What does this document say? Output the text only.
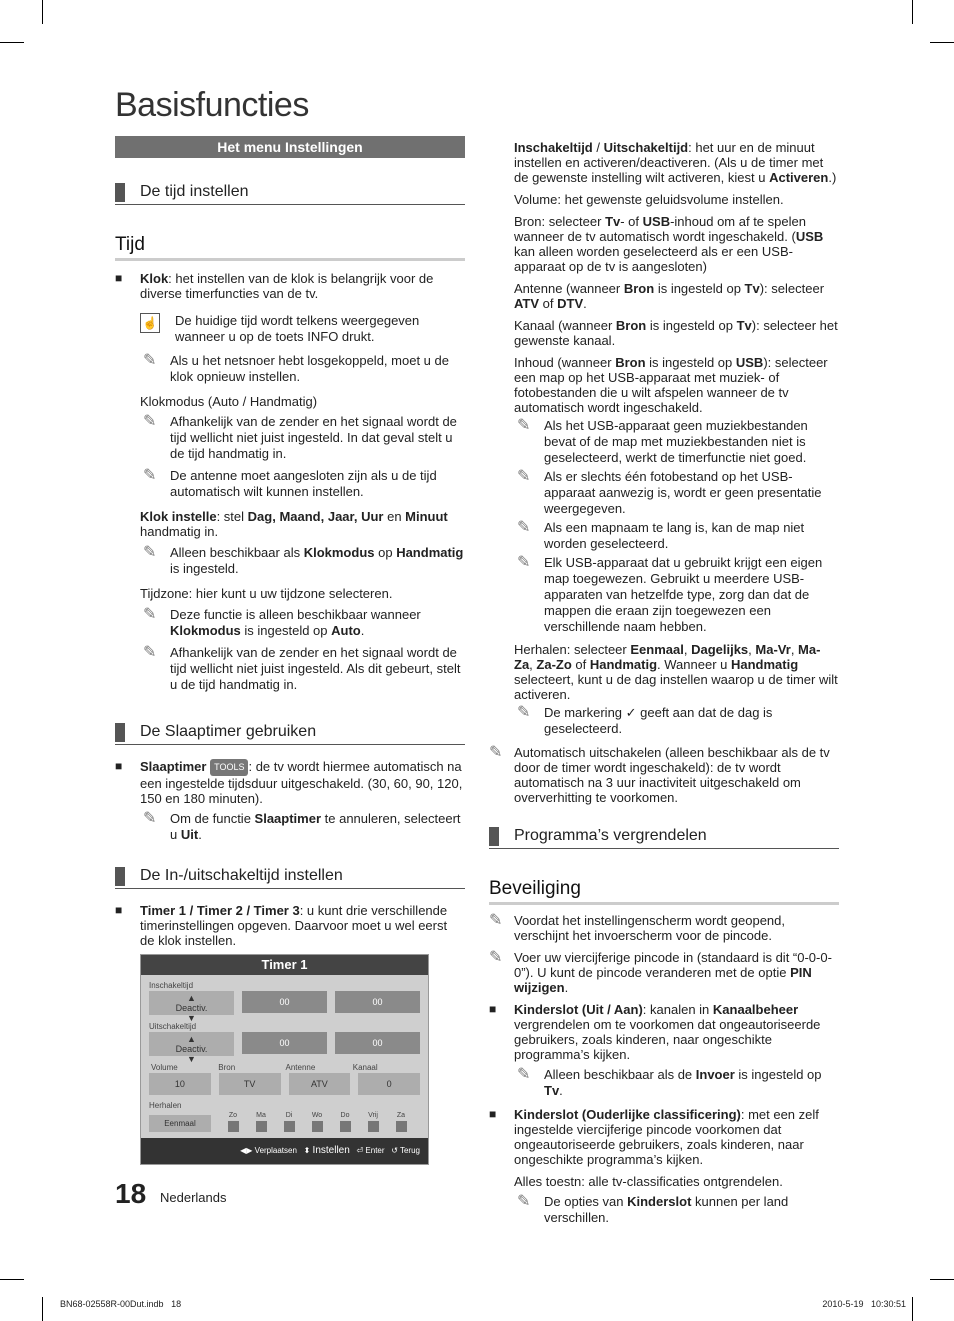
Basisfuncties
Het menu Instellingen
De tijd instellen
Tijd
■ Klok: het instellen van de klok is belangrijk voor de diverse timerfuncties van de tv.
☝ De huidige tijd wordt telkens weergegeven wanneer u op de toets INFO drukt.
✎ Als u het netsnoer hebt losgekoppeld, moet u de klok opnieuw instellen.
Klokmodus (Auto / Handmatig)
✎ Afhankelijk van de zender en het signaal wordt de tijd wellicht niet juist ingesteld. In dat geval stelt u de tijd handmatig in.
✎ De antenne moet aangesloten zijn als u de tijd automatisch wilt kunnen instellen.
Klok instelle: stel Dag, Maand, Jaar, Uur en Minuut handmatig in.
✎ Alleen beschikbaar als Klokmodus op Handmatig is ingesteld.
Tijdzone: hier kunt u uw tijdzone selecteren.
✎ Deze functie is alleen beschikbaar wanneer Klokmodus is ingesteld op Auto.
✎ Afhankelijk van de zender en het signaal wordt de tijd wellicht niet juist ingesteld. Als dit gebeurt, stelt u de tijd handmatig in.
De Slaaptimer gebruiken
■ Slaaptimer TOOLS : de tv wordt hiermee automatisch na een ingestelde tijdsduur uitgeschakeld. (30, 60, 90, 120, 150 en 180 minuten).
✎ Om de functie Slaaptimer te annuleren, selecteert u Uit.
De In-/uitschakeltijd instellen
■ Timer 1 / Timer 2 / Timer 3: u kunt drie verschillende timerinstellingen opgeven. Daarvoor moet u wel eerst de klok instellen.
Timer 1
Inschakeltijd
▲
Deactiv.
▼
00	00
Uitschakeltijd
▲
Deactiv.
▼
00	00
Volume	Bron	Antenne	Kanaal
10	TV	ATV	0
Herhalen
Eenmaal
Zo	Ma	Di	Wo	Do	Vrij	Za
◀▶ Verplaatsen ⬍ Instellen ⏎ Enter ↺ Terug
18 Nederlands
Inschakeltijd / Uitschakeltijd: het uur en de minuut instellen en activeren/deactiveren. (Als u de timer met de gewenste instelling wilt activeren, kiest u Activeren.)
Volume: het gewenste geluidsvolume instellen.
Bron: selecteer Tv- of USB-inhoud om af te spelen wanneer de tv automatisch wordt ingeschakeld. (USB kan alleen worden geselecteerd als er een USB-apparaat op de tv is aangesloten)
Antenne (wanneer Bron is ingesteld op Tv): selecteer ATV of DTV.
Kanaal (wanneer Bron is ingesteld op Tv): selecteer het gewenste kanaal.
Inhoud (wanneer Bron is ingesteld op USB): selecteer een map op het USB-apparaat met muziek- of fotobestanden die u wilt afspelen wanneer de tv automatisch wordt ingeschakeld.
✎ Als het USB-apparaat geen muziekbestanden bevat of de map met muziekbestanden niet is geselecteerd, werkt de timerfunctie niet goed.
✎ Als er slechts één fotobestand op het USB-apparaat aanwezig is, wordt er geen presentatie weergegeven.
✎ Als een mapnaam te lang is, kan de map niet worden geselecteerd.
✎ Elk USB-apparaat dat u gebruikt krijgt een eigen map toegewezen. Gebruikt u meerdere USB-apparaten van hetzelfde type, zorg dan dat de mappen die eraan zijn toegewezen een verschillende naam hebben.
Herhalen: selecteer Eenmaal, Dagelijks, Ma-Vr, Ma-Za, Za-Zo of Handmatig. Wanneer u Handmatig selecteert, kunt u de dag instellen waarop u de timer wilt activeren.
✎ De markering ✓ geeft aan dat de dag is geselecteerd.
✎ Automatisch uitschakelen (alleen beschikbaar als de tv door de timer wordt ingeschakeld): de tv wordt automatisch na 3 uur inactiviteit uitgeschakeld om oververhitting te voorkomen.
Programma’s vergrendelen
Beveiliging
✎ Voordat het instellingenscherm wordt geopend, verschijnt het invoerscherm voor de pincode.
✎ Voer uw viercijferige pincode in (standaard is dit “0-0-0-0”). U kunt de pincode veranderen met de optie PIN wijzigen.
■ Kinderslot (Uit / Aan): kanalen in Kanaalbeheer vergrendelen om te voorkomen dat ongeautoriseerde gebruikers, zoals kinderen, naar ongeschikte programma’s kijken.
✎ Alleen beschikbaar als de Invoer is ingesteld op Tv.
■ Kinderslot (Ouderlijke classificering): met een zelf ingestelde viercijferige pincode voorkomen dat ongeautoriseerde gebruikers, zoals kinderen, naar ongeschikte programma’s kijken.
Alles toestn: alle tv-classificaties ontgrendelen.
✎ De opties van Kinderslot kunnen per land verschillen.
BN68-02558R-00Dut.indb   18	2010-5-19   10:30:51
